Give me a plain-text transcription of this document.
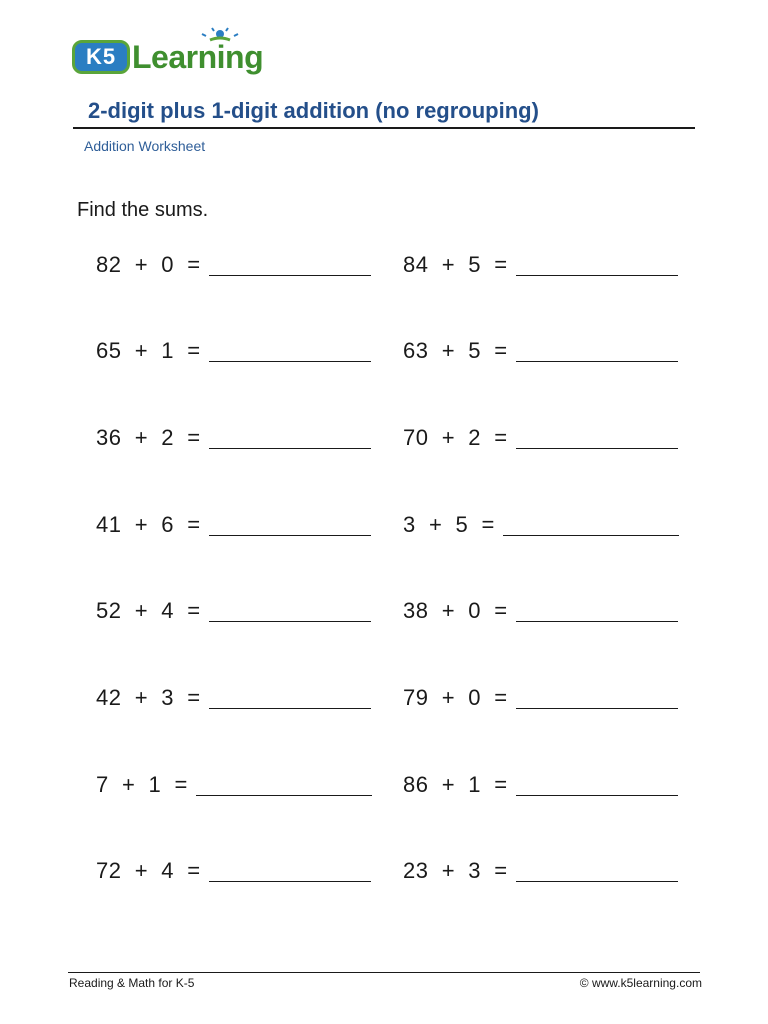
K5 Learning
2-digit plus 1-digit addition (no regrouping)
Addition Worksheet
Find the sums.
82  +  0  =
65  +  1  =
36  +  2  =
41  +  6  =
52  +  4  =
42  +  3  =
7  +  1  =
72  +  4  =
84  +  5  =
63  +  5  =
70  +  2  =
3  +  5  =
38  +  0  =
79  +  0  =
86  +  1  =
23  +  3  =
Reading & Math for K-5	© www.k5learning.com
